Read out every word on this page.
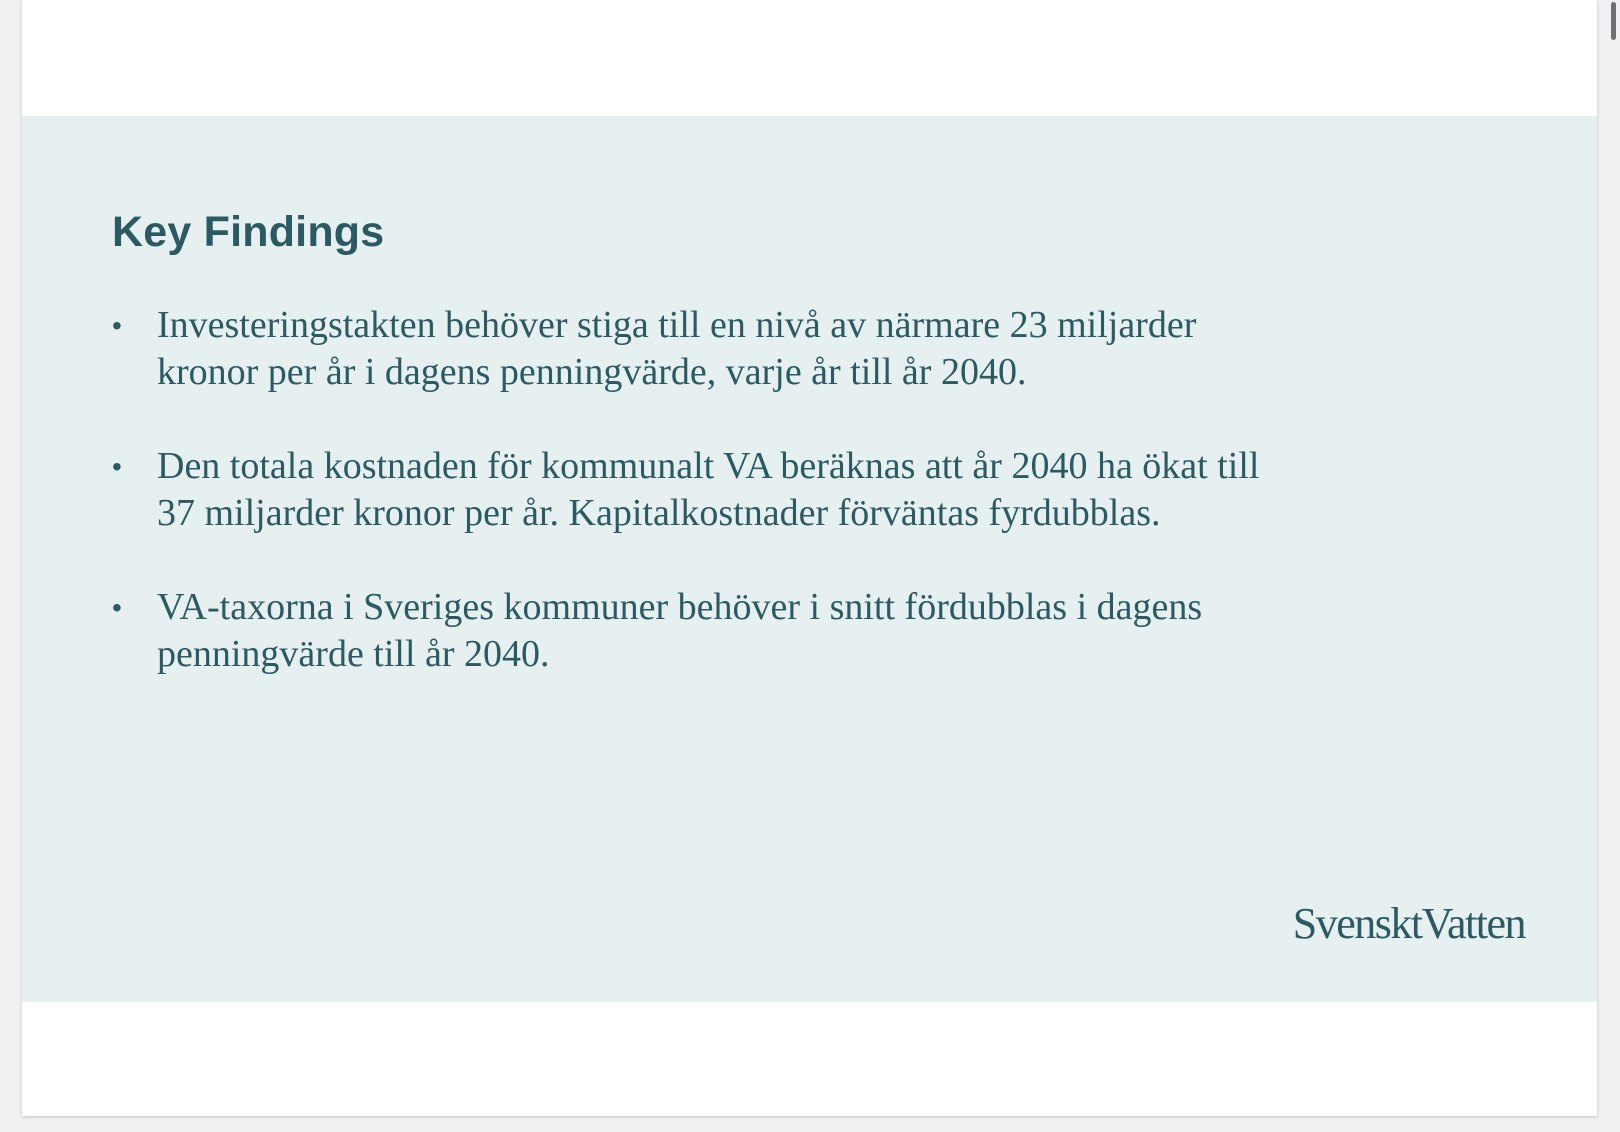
Key Findings
• Investeringstakten behöver stiga till en nivå av närmare 23 miljarder kronor per år i dagens penningvärde, varje år till år 2040.
• Den totala kostnaden för kommunalt VA beräknas att år 2040 ha ökat till 37 miljarder kronor per år. Kapitalkostnader förväntas fyrdubblas.
• VA-taxorna i Sveriges kommuner behöver i snitt fördubblas i dagens penningvärde till år 2040.
SvensktVatten
